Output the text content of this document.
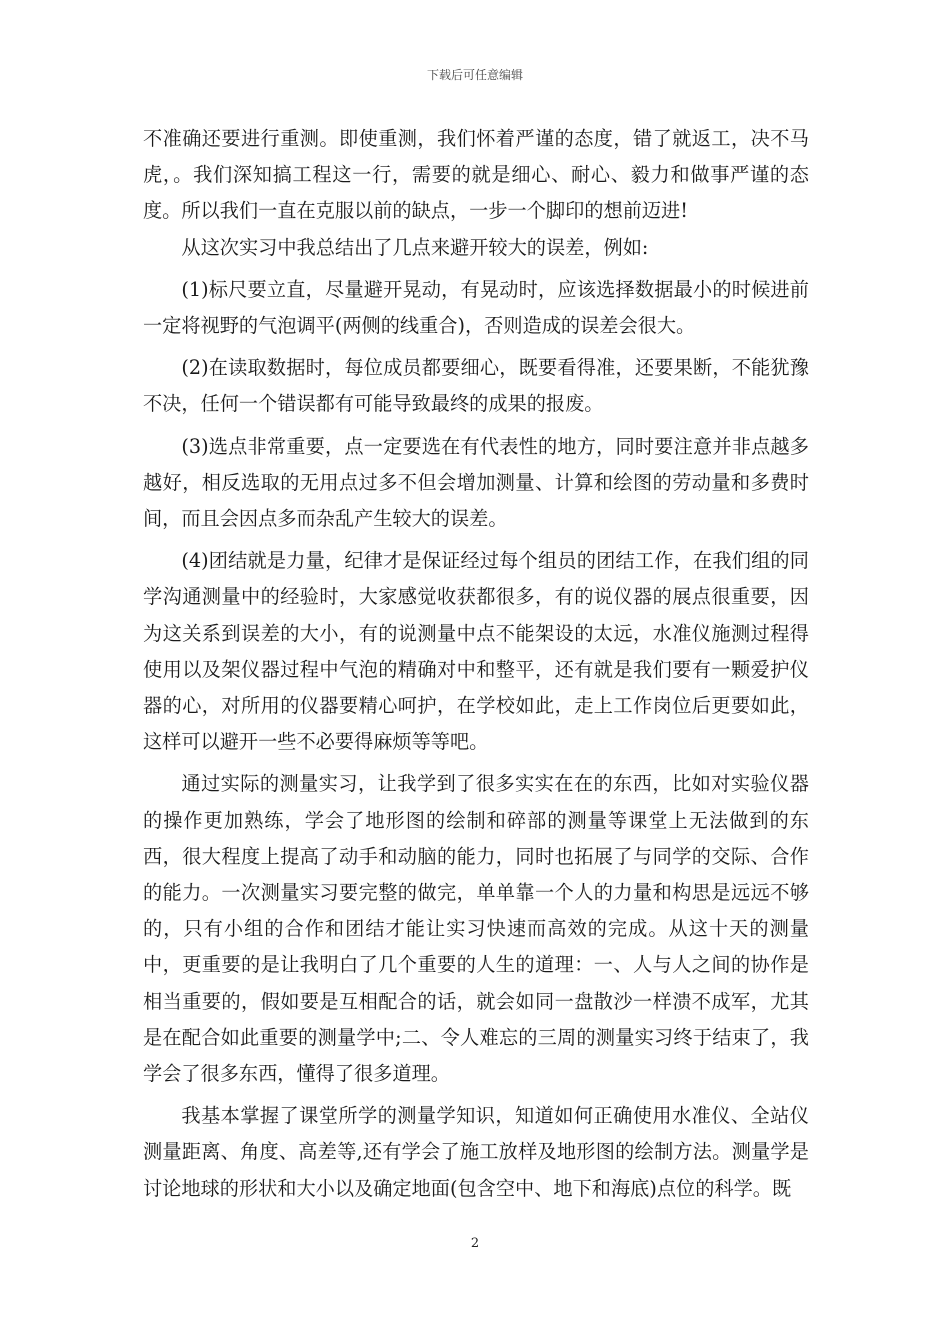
下载后可任意编辑

不准确还要进行重测。即使重测，我们怀着严谨的态度，错了就返工，决不马虎，。我们深知搞工程这一行，需要的就是细心、耐心、毅力和做事严谨的态度。所以我们一直在克服以前的缺点，一步一个脚印的想前迈进!

从这次实习中我总结出了几点来避开较大的误差，例如:

(1)标尺要立直，尽量避开晃动，有晃动时，应该选择数据最小的时候进前一定将视野的气泡调平(两侧的线重合)，否则造成的误差会很大。

(2)在读取数据时，每位成员都要细心，既要看得准，还要果断，不能犹豫不决，任何一个错误都有可能导致最终的成果的报废。

(3)选点非常重要，点一定要选在有代表性的地方，同时要注意并非点越多越好，相反选取的无用点过多不但会增加测量、计算和绘图的劳动量和多费时间，而且会因点多而杂乱产生较大的误差。

(4)团结就是力量，纪律才是保证经过每个组员的团结工作，在我们组的同学沟通测量中的经验时，大家感觉收获都很多，有的说仪器的展点很重要，因为这关系到误差的大小，有的说测量中点不能架设的太远，水准仪施测过程得使用以及架仪器过程中气泡的精确对中和整平，还有就是我们要有一颗爱护仪器的心，对所用的仪器要精心呵护，在学校如此，走上工作岗位后更要如此，这样可以避开一些不必要得麻烦等等吧。

通过实际的测量实习，让我学到了很多实实在在的东西，比如对实验仪器的操作更加熟练，学会了地形图的绘制和碎部的测量等课堂上无法做到的东西，很大程度上提高了动手和动脑的能力，同时也拓展了与同学的交际、合作的能力。一次测量实习要完整的做完，单单靠一个人的力量和构思是远远不够的，只有小组的合作和团结才能让实习快速而高效的完成。从这十天的测量中，更重要的是让我明白了几个重要的人生的道理：一、人与人之间的协作是相当重要的，假如要是互相配合的话，就会如同一盘散沙一样溃不成军，尤其是在配合如此重要的测量学中;二、令人难忘的三周的测量实习终于结束了，我学会了很多东西，懂得了很多道理。

我基本掌握了课堂所学的测量学知识，知道如何正确使用水准仪、全站仪测量距离、角度、高差等,还有学会了施工放样及地形图的绘制方法。测量学是讨论地球的形状和大小以及确定地面(包含空中、地下和海底)点位的科学。既

2
